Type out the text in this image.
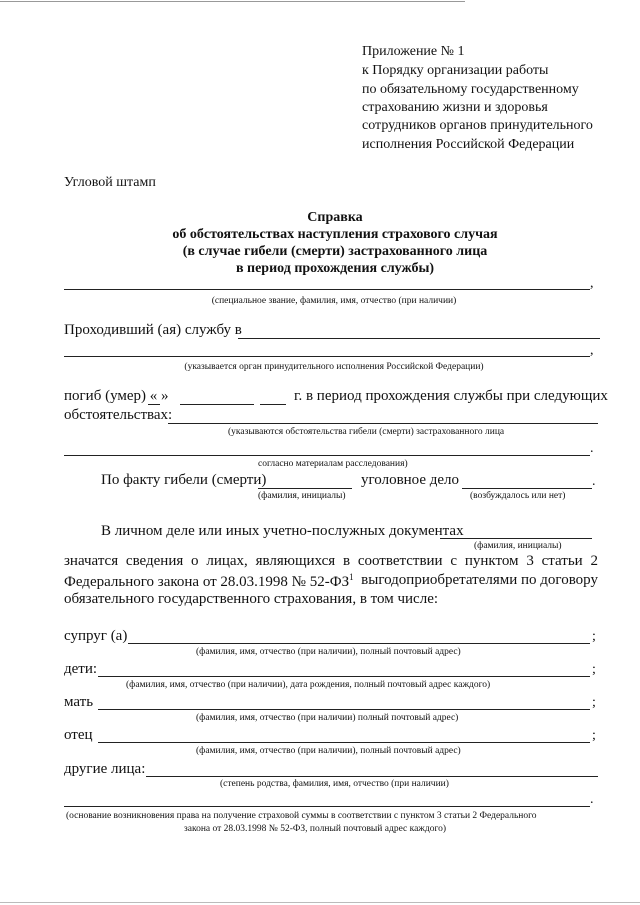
Приложение № 1
к Порядку организации работы
по обязательному государственному
страхованию жизни и здоровья
сотрудников органов принудительного
исполнения Российской Федерации
Угловой штамп
Справка
об обстоятельствах наступления страхового случая
(в случае гибели (смерти) застрахованного лица
в период прохождения службы)
,
(специальное звание, фамилия, имя, отчество (при наличии)
Проходивший (ая) службу в
,
(указывается орган принудительного исполнения Российской Федерации)
погиб (умер) « »	г. в период прохождения службы при следующих
обстоятельствах:
(указываются обстоятельства гибели (смерти) застрахованного лица
.
согласно материалам расследования)
По факту гибели (смерти)	уголовное дело	.
(фамилия, инициалы)	(возбуждалось или нет)
В личном деле или иных учетно-послужных документах
(фамилия, инициалы)
значатся сведения о лицах, являющихся в соответствии с пунктом 3 статьи 2
Федерального закона от 28.03.1998 № $52-ФЗ^1$ выгодоприобретателями по договору
обязательного государственного страхования, в том числе:
супруг (а)	;
(фамилия, имя, отчество (при наличии), полный почтовый адрес)
дети:	;
(фамилия, имя, отчество (при наличии), дата рождения, полный почтовый адрес каждого)
мать	;
(фамилия, имя, отчество (при наличии) полный почтовый адрес)
отец	;
(фамилия, имя, отчество (при наличии), полный почтовый адрес)
другие лица:
(степень родства, фамилия, имя, отчество (при наличии)
.
(основание возникновения права на получение страховой суммы в соответствии с пунктом 3 статьи 2 Федерального
закона от 28.03.1998 № 52-ФЗ, полный почтовый адрес каждого)
